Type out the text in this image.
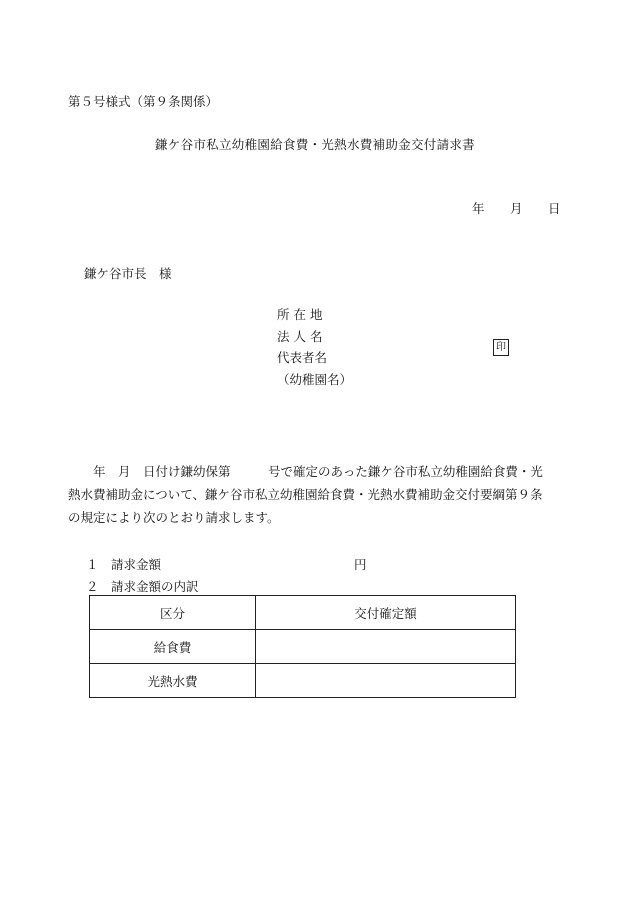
第５号様式（第９条関係）
鎌ケ谷市私立幼稚園給食費・光熱水費補助金交付請求書
年 月 日
鎌ケ谷市長　様
所 在 地
法 人 名
代表者名
（幼稚園名）
印
　　年　月　日付け鎌幼保第　　　号で確定のあった鎌ケ谷市私立幼稚園給食費・光
熱水費補助金について、鎌ケ谷市私立幼稚園給食費・光熱水費補助金交付要綱第９条
の規定により次のとおり請求します。
１　請求金額	円
２　請求金額の内訳
区分	交付確定額
給食費	
光熱水費	
